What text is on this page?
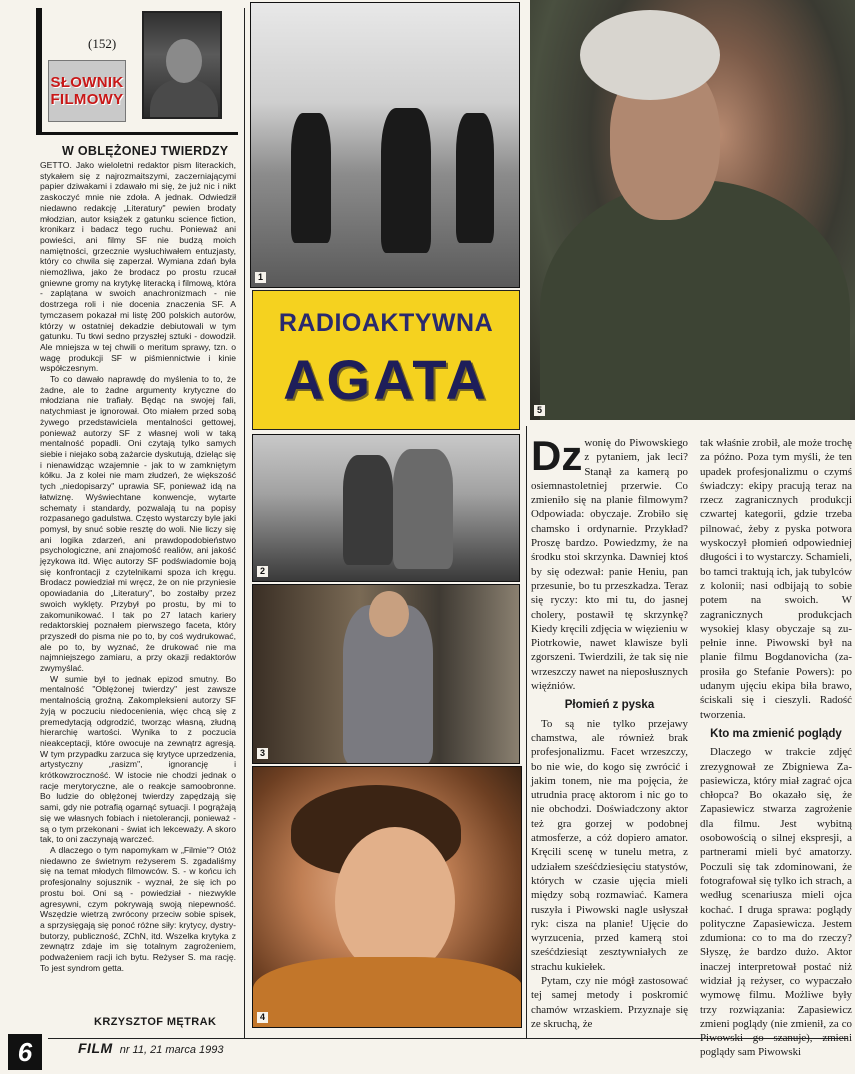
(152)
SŁOWNIK
FILMOWY
W OBLĘŻONEJ TWIERDZY

GETTO. Jako wieloletni redaktor pism literackich, stykałem się z najrozmaitszymi, zaczerniającymi papier dziwakami i zdawało mi się, że już nic i nikt zaskoczyć mnie nie zdoła. A jednak. Odwiedził niedawno redakcję „Literatury" pewien brodaty młodzian, autor książek z gatunku science fiction, kronikarz i badacz tego ruchu. Ponieważ ani powieści, ani filmy SF nie budzą moich namiętności, grzecznie wysłuchiwałem entuzjasty, który co chwila się zaperzał. Wymiana zdań była niemożliwa, jako że brodacz po prostu rzucał gniewne gromy na krytykę literacką i filmową, która - zaplątana w swoich anachronizmach - nie dostrzega roli i nie docenia znaczenia SF. A tymczasem pokazał mi listę 200 polskich autorów, którzy w ostatniej dekadzie debiutowali w tym gatunku. Tu tkwi sedno przyszłej sztuki - dowodził. Ale mniejsza w tej chwili o meritum sprawy, tzn. o wagę produkcji SF w piśmiennictwie i kinie współczesnym.

To co dawało naprawdę do myślenia to to, że żadne, ale to żadne argumenty krytyczne do młodziana nie trafiały. Będąc na swojej fali, natychmiast je ignorował. Oto miałem przed sobą żywego przedstawiciela mentalności gettowej, ponieważ autorzy SF z własnej woli w taką mentalność popadli. Oni czytają tylko samych siebie i niejako sobą zażarcie dyskutują, dzieląc się i nienawidząc wzajemnie - jak to w zamkniętym kółku. Ja z kolei nie mam złudzeń, że większość tych „niedopisarzy" uprawia SF, ponieważ idą na łatwiznę. Wyświechtane konwencje, wytarte schematy i standardy, pozwalają tu na popisy rozpasanego gadulstwa. Często wystarczy byle jaki pomysł, by snuć sobie resztę do woli. Nie liczy się ani logika zdarzeń, ani prawdopodobieństwo psychologiczne, ani znajomość realiów, ani jakość językowa itd. Więc autorzy SF podświadomie boją się konfrontacji z czytelnikami spoza ich kręgu. Brodacz powiedział mi wręcz, że on nie przyniesie opowiadania do „Literatury", bo zostałby przez swoich wyklęty. Przybył po prostu, by mi to zakomunikować. I tak po 27 latach kariery redaktorskiej poznałem pierwszego faceta, który przyszedł do pisma nie po to, by coś wydrukować, ale po to, by wyznać, że drukować nie ma najmniejszego zamiaru, a przy okazji redaktorów zwymyślać.

W sumie był to jednak epizod smutny. Bo mentalność "Oblężonej twierdzy" jest zawsze mentalnością groźną. Zakompleksieni autorzy SF żyją w poczuciu niedocenienia, więc chcą się z premedytacją odgrodzić, tworząc własną, złudną hierarchię wartości. Wynika to z poczucia nieakceptacji, które owocuje na zewnątrz agresją. W tym przypadku zarzuca się krytyce uprzedzenia, artystyczny „rasizm", ignorancję i krótkowzroczność. W istocie nie chodzi jednak o racje merytoryczne, ale o reakcje samoobronne. Bo ludzie do oblężonej twierdzy zapędzają się sami, gdy nie potrafią ogarnąć sytuacji. I pogrążają się we własnych fobiach i nietolerancji, ponieważ - są o tym przekonani - świat ich lekceważy. A skoro tak, to oni zaczynają warczeć.

A dlaczego o tym napomykam w „Filmie"? Otóż niedawno ze świetnym reżyserem S. zgadaliśmy się na temat młodych filmowców. S. - w końcu ich profesjonalny sojusznik - wyznał, że się ich po prostu boi. Oni są - powiedział - niezwykle agresywni, czym pokrywają swoją niepewność. Wszędzie wietrzą zwrócony przeciw sobie spisek, a sprzysięgają się ponoć różne siły: krytycy, dystrybutorzy, publiczność, ZChN, itd. Wszelka krytyka z zewnątrz zdaje im się totalnym zagrożeniem, podważeniem racji ich bytu. Reżyser S. ma rację. To jest syndrom getta.

KRZYSZTOF MĘTRAK
1
RADIOAKTYWNA
AGATA
2
3
4
5

Dz wonię do Piwowskiego z pytaniem, jak leci? Stanął za kamerą po osiemnastoletniej przerwie. Co zmieniło się na planie filmowym? Odpowiada: obyczaje. Zrobiło się chamsko i ordynarnie. Przykład? Proszę bardzo. Powiedzmy, że na środku stoi skrzynka. Dawniej ktoś by się odezwał: panie Heniu, pan przesunie, bo tu przeszkadza. Teraz się ryczy: kto mi tu, do jasnej cholery, postawił tę skrzynkę? Kiedy kręcili zdjęcia w więzieniu w Piotrkowie, nawet klawisze byli zgorszeni. Twierdzili, że tak się nie wrzeszczy nawet na nieposłusznych więźniów.

Płomień z pyska

To są nie tylko przejawy chamstwa, ale również brak profesjonalizmu. Facet wrzeszczy, bo nie wie, do kogo się zwrócić i jakim tonem, nie ma pojęcia, że utrudnia pracę aktorom i nic go to nie obchodzi. Doświadczony aktor też gra gorzej w podobnej atmosferze, a cóż dopiero amator. Kręcili scenę w tunelu metra, z udziałem sześćdziesięciu statystów, których w czasie ujęcia mieli między sobą rozmawiać. Kamera ruszyła i Piwowski nagle usłyszał ryk: cisza na planie! Ujęcie do wyrzucenia, przed kamerą stoi sześćdziesiąt zesztywniałych ze strachu kukiełek.

Pytam, czy nie mógł zastosować tej samej metody i poskromić chamów wrzaskiem. Przyznaje się ze skruchą, że

tak właśnie zrobił, ale może trochę za późno. Poza tym myśli, że ten upadek profesjonalizmu o czymś świadczy: ekipy pracują teraz na rzecz zagranicznych produkcji czwartej kategorii, gdzie trzeba pilnować, żeby z pyska potwora wyskoczył płomień odpowiedniej długości i to wystarczy. Schamieli, bo tamci traktują ich, jak tubylców z kolonii; nasi odbijają to sobie potem na swoich. W zagranicznych produkcjach wysokiej klasy obyczaje są zupełnie inne. Piwowski był na planie filmu Bogdanovicha (zaprosiła go Stefanie Powers): po udanym ujęciu ekipa biła brawo, ściskali się i cieszyli. Radość tworzenia.

Kto ma zmienić poglądy

Dlaczego w trakcie zdjęć zrezygnował ze Zbigniewa Zapasiewicza, który miał zagrać ojca chłopca? Bo okazało się, że Zapasiewicz stwarza zagrożenie dla filmu. Jest wybitną osobowością o silnej ekspresji, a partnerami mieli być amatorzy. Poczuli się tak zdominowani, że fotografował się tylko ich strach, a według scenariusza mieli ojca kochać. I druga sprawa: poglądy polityczne Zapasiewicza. Jestem zdumiona: co to ma do rzeczy? Słyszę, że bardzo dużo. Aktor inaczej interpretował postać niż widział ją reżyser, co wypaczało wymowę filmu. Możliwe były trzy rozwiązania: Zapasiewicz zmieni poglądy (nie zmienił, za co Piwowski go szanuje), zmieni poglądy sam Piwowski

6	FILM nr 11, 21 marca 1993
